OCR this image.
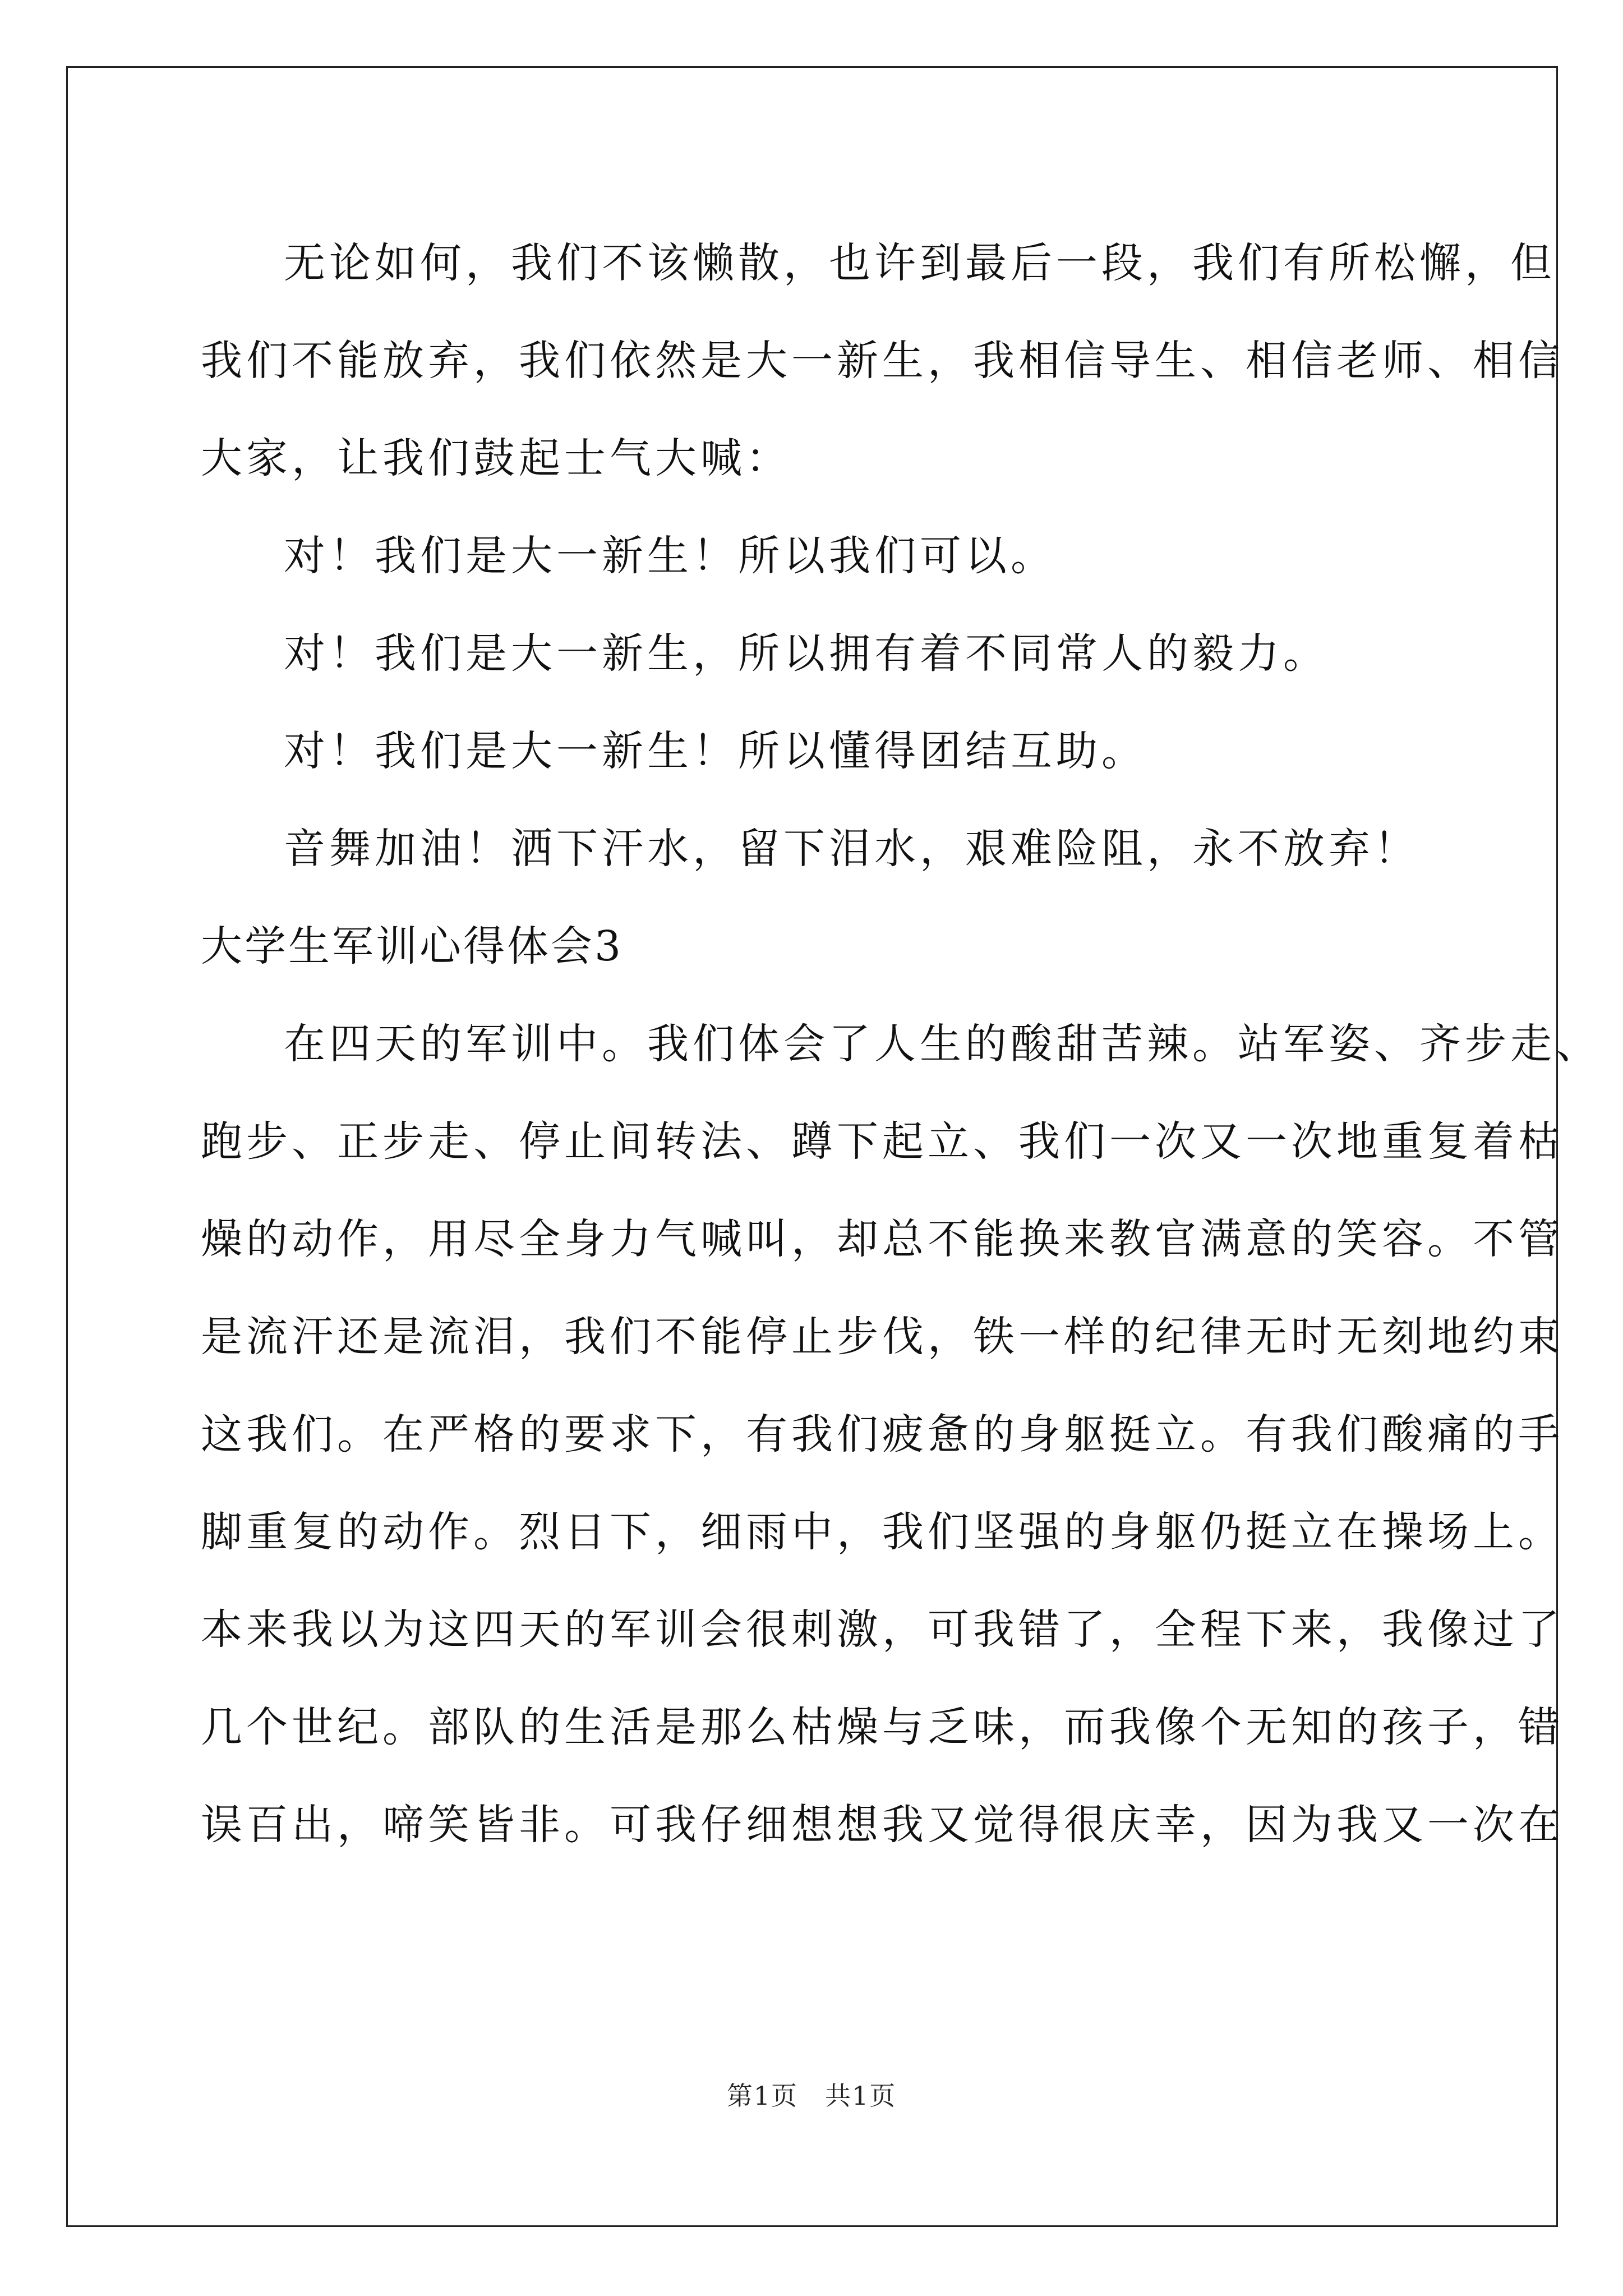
无论如何，我们不该懒散，也许到最后一段，我们有所松懈，但
我们不能放弃，我们依然是大一新生，我相信导生、相信老师、相信
大家，让我们鼓起士气大喊：
对！我们是大一新生！所以我们可以。
对！我们是大一新生，所以拥有着不同常人的毅力。
对！我们是大一新生！所以懂得团结互助。
音舞加油！洒下汗水，留下泪水，艰难险阻，永不放弃！
大学生军训心得体会3
在四天的军训中。我们体会了人生的酸甜苦辣。站军姿、齐步走、
跑步、正步走、停止间转法、蹲下起立、我们一次又一次地重复着枯
燥的动作，用尽全身力气喊叫，却总不能换来教官满意的笑容。不管
是流汗还是流泪，我们不能停止步伐，铁一样的纪律无时无刻地约束
这我们。在严格的要求下，有我们疲惫的身躯挺立。有我们酸痛的手
脚重复的动作。烈日下，细雨中，我们坚强的身躯仍挺立在操场上。
本来我以为这四天的军训会很刺激，可我错了，全程下来，我像过了
几个世纪。部队的生活是那么枯燥与乏味，而我像个无知的孩子，错
误百出，啼笑皆非。可我仔细想想我又觉得很庆幸，因为我又一次在
第1页　共1页
